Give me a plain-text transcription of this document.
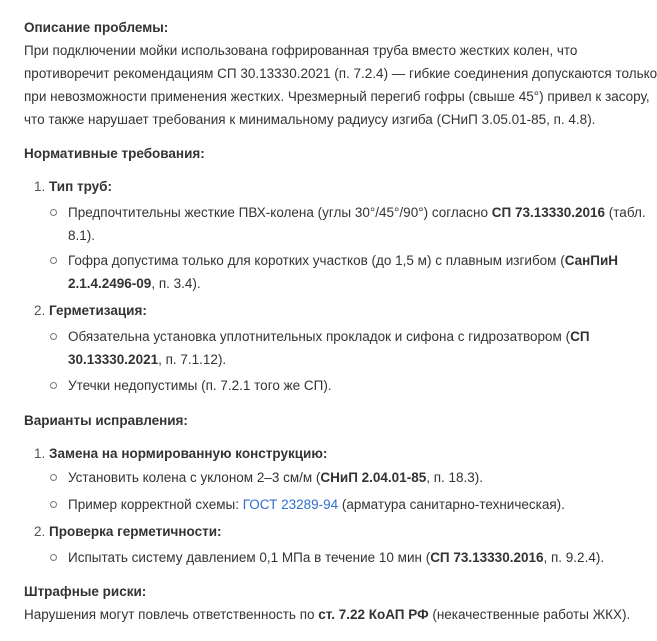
Описание проблемы:
При подключении мойки использована гофрированная труба вместо жестких колен, что
противоречит рекомендациям СП 30.13330.2021 (п. 7.2.4) — гибкие соединения допускаются только
при невозможности применения жестких. Чрезмерный перегиб гофры (свыше 45°) привел к засору,
что также нарушает требования к минимальному радиусу изгиба (СНиП 3.05.01-85, п. 4.8).
Нормативные требования:
1. Тип труб:
Предпочтительны жесткие ПВХ-колена (углы 30°/45°/90°) согласно СП 73.13330.2016 (табл.
8.1).
Гофра допустима только для коротких участков (до 1,5 м) с плавным изгибом (СанПиН
2.1.4.2496-09, п. 3.4).
2. Герметизация:
Обязательна установка уплотнительных прокладок и сифона с гидрозатвором (СП
30.13330.2021, п. 7.1.12).
Утечки недопустимы (п. 7.2.1 того же СП).
Варианты исправления:
1. Замена на нормированную конструкцию:
Установить колена с уклоном 2–3 см/м (СНиП 2.04.01-85, п. 18.3).
Пример корректной схемы: ГОСТ 23289-94 (арматура санитарно-техническая).
2. Проверка герметичности:
Испытать систему давлением 0,1 МПа в течение 10 мин (СП 73.13330.2016, п. 9.2.4).
Штрафные риски:
Нарушения могут повлечь ответственность по ст. 7.22 КоАП РФ (некачественные работы ЖКХ).
